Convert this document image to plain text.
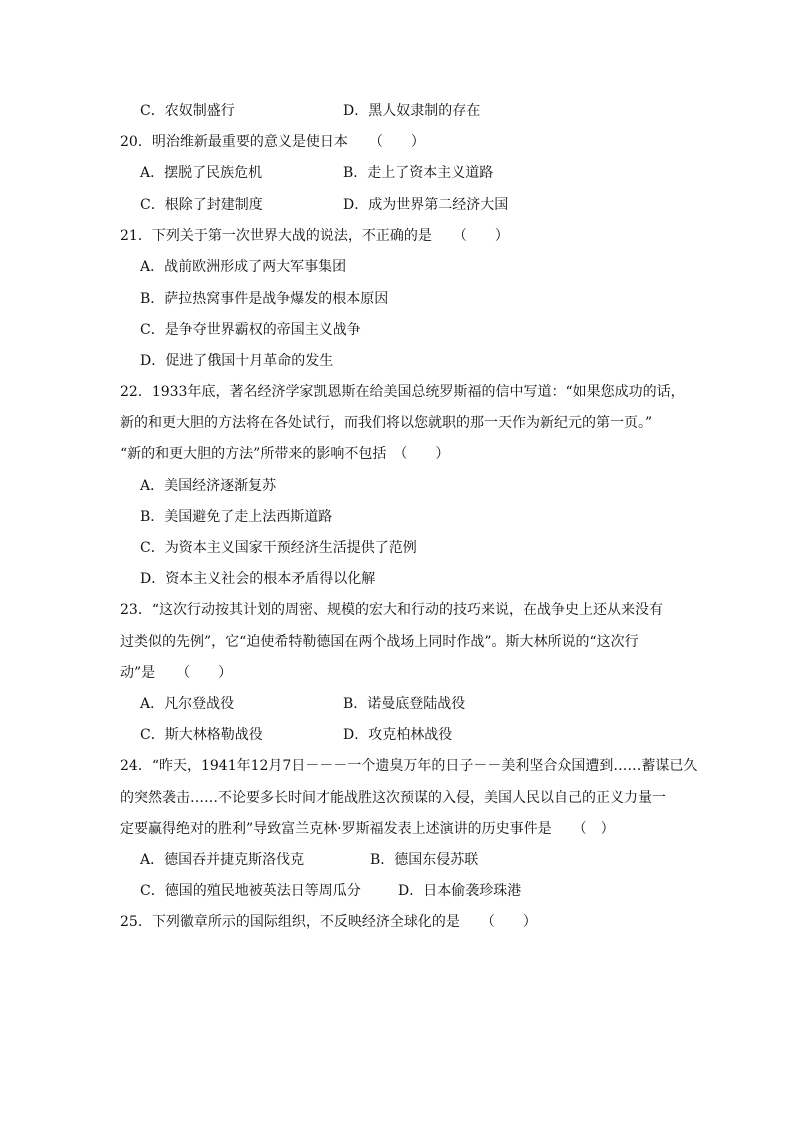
C．农奴制盛行	D．黑人奴隶制的存在
20．明治维新最重要的意义是使日本　　（　　）
A．摆脱了民族危机	B．走上了资本主义道路
C．根除了封建制度	D．成为世界第二经济大国
21．下列关于第一次世界大战的说法，不正确的是　　（　　）
A．战前欧洲形成了两大军事集团
B．萨拉热窝事件是战争爆发的根本原因
C．是争夺世界霸权的帝国主义战争
D．促进了俄国十月革命的发生
22．1933年底，著名经济学家凯恩斯在给美国总统罗斯福的信中写道：“如果您成功的话，
新的和更大胆的方法将在各处试行，而我们将以您就职的那一天作为新纪元的第一页。”
“新的和更大胆的方法”所带来的影响不包括　（　　）
A．美国经济逐渐复苏
B．美国避免了走上法西斯道路
C．为资本主义国家干预经济生活提供了范例
D．资本主义社会的根本矛盾得以化解
23．“这次行动按其计划的周密、规模的宏大和行动的技巧来说，在战争史上还从来没有
过类似的先例”，它“迫使希特勒德国在两个战场上同时作战”。斯大林所说的“这次行
动”是　　（　　）
A．凡尔登战役	B．诺曼底登陆战役
C．斯大林格勒战役	D．攻克柏林战役
24．“昨天，1941年12月7日－－－一个遗臭万年的日子－－美利坚合众国遭到……蓄谋已久
的突然袭击……不论要多长时间才能战胜这次预谋的入侵，美国人民以自己的正义力量一
定要赢得绝对的胜利”导致富兰克林·罗斯福发表上述演讲的历史事件是　　（　）
A．德国吞并捷克斯洛伐克	B．德国东侵苏联
C．德国的殖民地被英法日等周瓜分	D．日本偷袭珍珠港
25．下列徽章所示的国际组织，不反映经济全球化的是　　（　　）
